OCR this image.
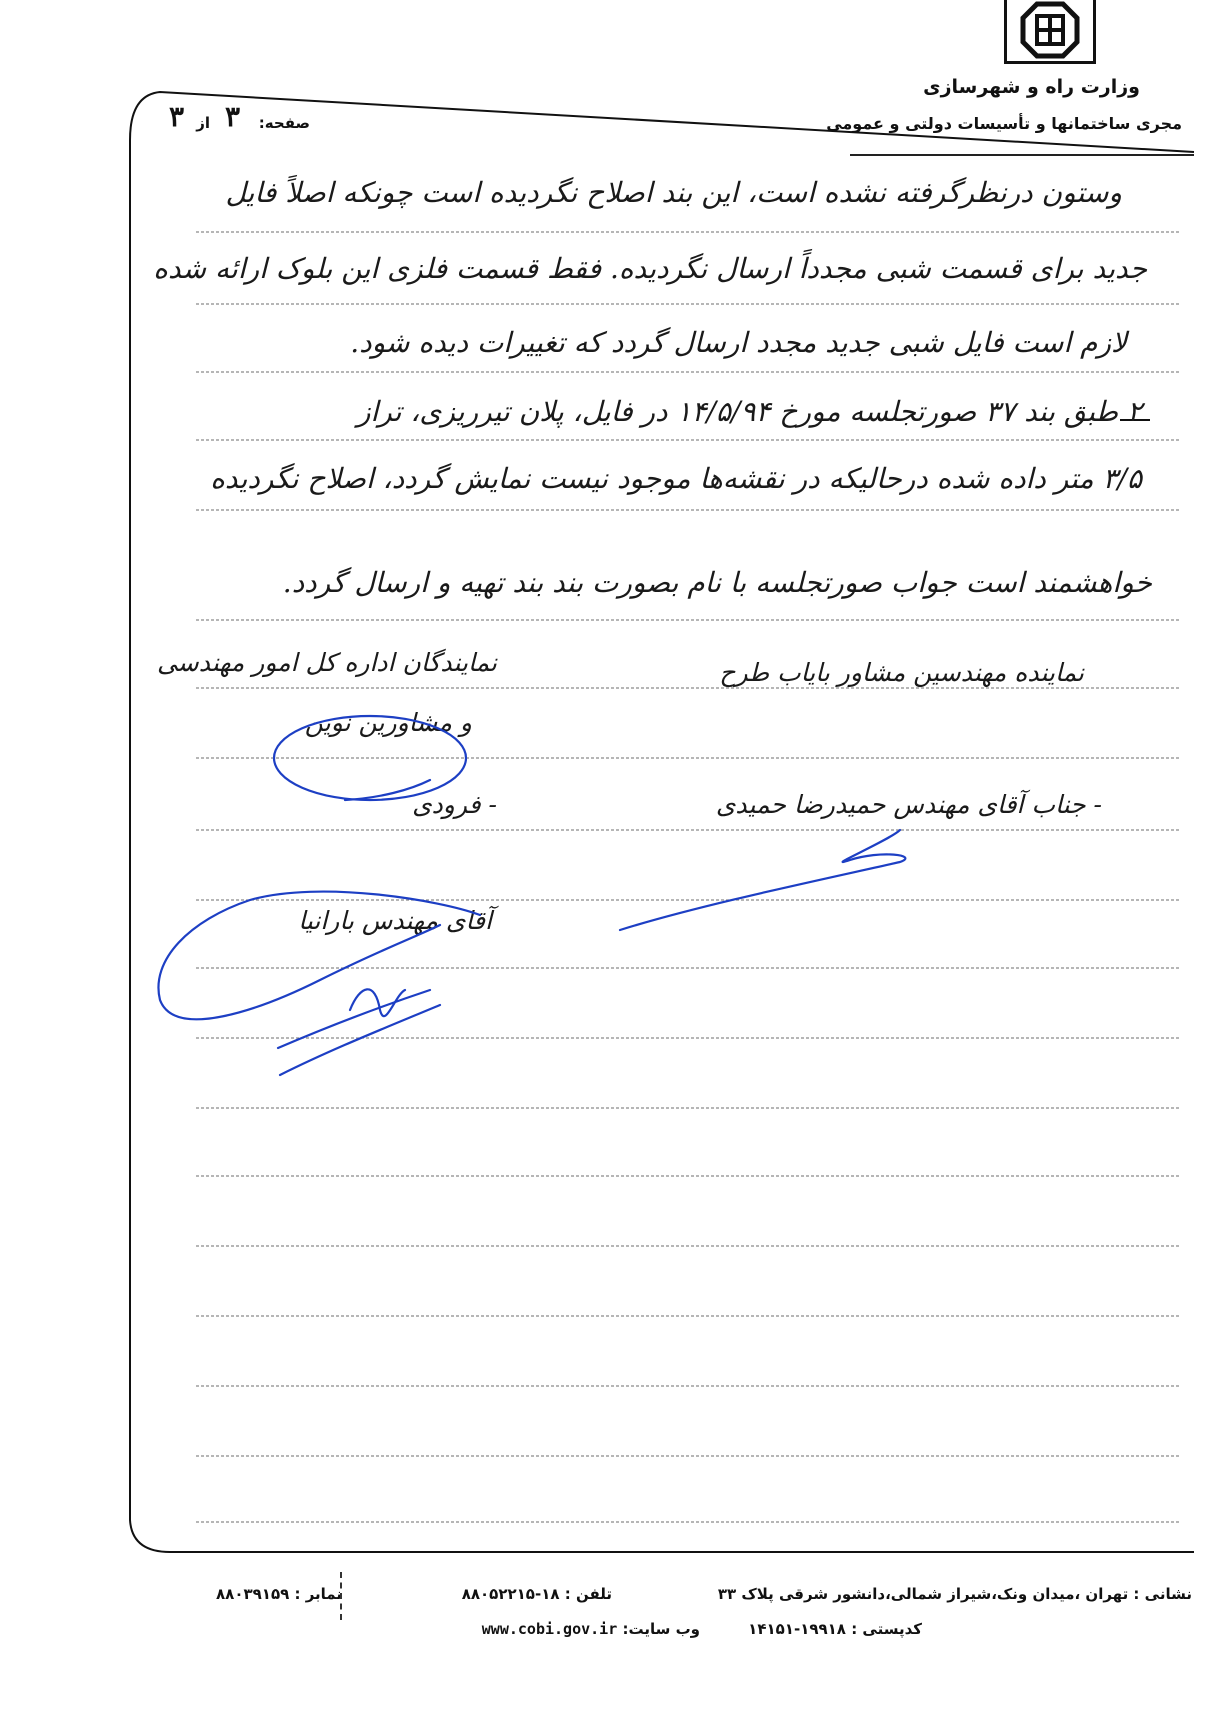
وزارت راه و شهرسازی
مجری ساختمانها و تأسیسات دولتی و عمومی
صفحه:
۳
از
۳
وستون درنظرگرفته نشده است، این بند اصلاح نگردیده است چونکه اصلاً فایل
جدید برای قسمت شبی مجدداً ارسال نگردیده. فقط قسمت فلزی این بلوک ارائه شده
لازم است فایل شبی جدید مجدد ارسال گردد که تغییرات دیده شود.
۲ طبق بند ۳۷ صورتجلسه مورخ ۱۴/۵/۹۴ در فایل، پلان تیرریزی، تراز
۳/۵ متر داده شده درحالیکه در نقشه‌ها موجود نیست نمایش گردد، اصلاح نگردیده
خواهشمند است جواب صورتجلسه با نام بصورت بند بند تهیه و ارسال گردد.
نمایندگان اداره کل امور مهندسی
و مشاورین نوین
- فرودی
آقای مهندس بارانیا
نماینده مهندسین مشاور بایاب طرح
- جناب آقای مهندس حمیدرضا حمیدی
نشانی : تهران ،میدان ونک،شیراز شمالی،دانشور شرقی پلاک ۳۳
تلفن : ۱۸-۸۸۰۵۲۲۱۵
نمابر : ۸۸۰۳۹۱۵۹
کدپستی : ۱۹۹۱۸-۱۴۱۵۱
وب سایت: www.cobi.gov.ir
